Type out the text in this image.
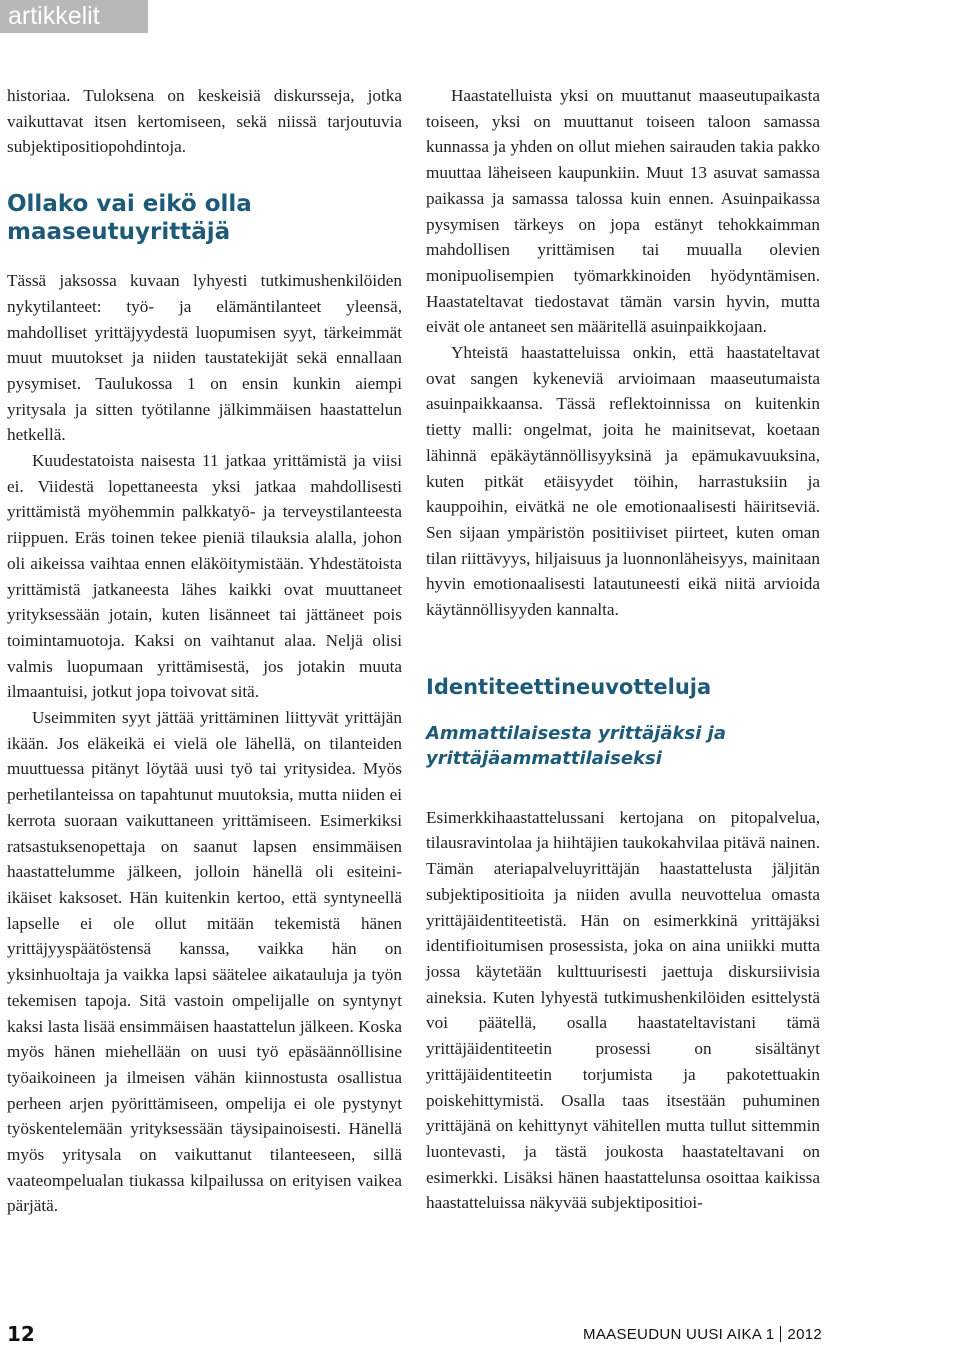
artikkelit

historiaa. Tuloksena on keskeisiä diskursseja, jotka vaikuttavat itsen kertomiseen, sekä niissä tarjoutuvia subjektipositiopohdintoja.

Ollako vai eikö olla maaseutuyrittäjä

Tässä jaksossa kuvaan lyhyesti tutkimushenkilöiden nykytilanteet: työ- ja elämäntilanteet yleensä, mahdolliset yrittäjyydestä luopumisen syyt, tärkeimmät muut muutokset ja niiden taustatekijät sekä ennallaan pysymiset. Taulukossa 1 on ensin kunkin aiempi yritysala ja sitten työtilanne jälkimmäisen haastattelun hetkellä.

Kuudestatoista naisesta 11 jatkaa yrittämistä ja viisi ei. Viidestä lopettaneesta yksi jatkaa mahdollisesti yrittämistä myöhemmin palkkatyö- ja terveystilanteesta riippuen. Eräs toinen tekee pieniä tilauksia alalla, johon oli aikeissa vaihtaa ennen eläköitymistään. Yhdestätoista yrittämistä jatkaneesta lähes kaikki ovat muuttaneet yrityksessään jotain, kuten lisänneet tai jättäneet pois toimintamuotoja. Kaksi on vaihtanut alaa. Neljä olisi valmis luopumaan yrittämisestä, jos jotakin muuta ilmaantuisi, jotkut jopa toivovat sitä.

Useimmiten syyt jättää yrittäminen liittyvät yrittäjän ikään. Jos eläkeikä ei vielä ole lähellä, on tilanteiden muuttuessa pitänyt löytää uusi työ tai yritysidea. Myös perhetilanteissa on tapahtunut muutoksia, mutta niiden ei kerrota suoraan vaikuttaneen yrittämiseen. Esimerkiksi ratsastuksenopettaja on saanut lapsen ensimmäisen haastattelumme jälkeen, jolloin hänellä oli esiteini-ikäiset kaksoset. Hän kuitenkin kertoo, että syntyneellä lapselle ei ole ollut mitään tekemistä hänen yrittäjyyspäätöstensä kanssa, vaikka hän on yksinhuoltaja ja vaikka lapsi säätelee aikatauluja ja työn tekemisen tapoja. Sitä vastoin ompelijalle on syntynyt kaksi lasta lisää ensimmäisen haastattelun jälkeen. Koska myös hänen miehellään on uusi työ epäsäännöllisine työaikoineen ja ilmeisen vähän kiinnostusta osallistua perheen arjen pyörittämiseen, ompelija ei ole pystynyt työskentelemään yrityksessään täysipainoisesti. Hänellä myös yritysala on vaikuttanut tilanteeseen, sillä vaateompelualan tiukassa kilpailussa on erityisen vaikea pärjätä.

Haastatelluista yksi on muuttanut maaseutupaikasta toiseen, yksi on muuttanut toiseen taloon samassa kunnassa ja yhden on ollut miehen sairauden takia pakko muuttaa läheiseen kaupunkiin. Muut 13 asuvat samassa paikassa ja samassa talossa kuin ennen. Asuinpaikassa pysymisen tärkeys on jopa estänyt tehokkaimman mahdollisen yrittämisen tai muualla olevien monipuolisempien työmarkkinoiden hyödyntämisen. Haastateltavat tiedostavat tämän varsin hyvin, mutta eivät ole antaneet sen määritellä asuinpaikkojaan.

Yhteistä haastatteluissa onkin, että haastateltavat ovat sangen kykeneviä arvioimaan maaseutumaista asuinpaikkaansa. Tässä reflektoinnissa on kuitenkin tietty malli: ongelmat, joita he mainitsevat, koetaan lähinnä epäkäytännöllisyyksinä ja epämukavuuksina, kuten pitkät etäisyydet töihin, harrastuksiin ja kauppoihin, eivätkä ne ole emotionaalisesti häiritseviä. Sen sijaan ympäristön positiiviset piirteet, kuten oman tilan riittävyys, hiljaisuus ja luonnonläheisyys, mainitaan hyvin emotionaalisesti latautuneesti eikä niitä arvioida käytännöllisyyden kannalta.

Identiteettineuvotteluja
Ammattilaisesta yrittäjäksi ja yrittäjäammattilaiseksi

Esimerkkihaastattelussani kertojana on pitopalvelua, tilausravintolaa ja hiihtäjien taukokahvilaa pitävä nainen. Tämän ateriapalveluyrittäjän haastattelusta jäljitän subjektipositioita ja niiden avulla neuvottelua omasta yrittäjäidentiteetistä. Hän on esimerkkinä yrittäjäksi identifioitumisen prosessista, joka on aina uniikki mutta jossa käytetään kulttuurisesti jaettuja diskursiivisia aineksia. Kuten lyhyestä tutkimushenkilöiden esittelystä voi päätellä, osalla haastateltavistani tämä yrittäjäidentiteetin prosessi on sisältänyt yrittäjäidentiteetin torjumista ja pakotettuakin poiskehittymistä. Osalla taas itsestään puhuminen yrittäjänä on kehittynyt vähitellen mutta tullut sittemmin luontevasti, ja tästä joukosta haastateltavani on esimerkki. Lisäksi hänen haastattelunsa osoittaa kaikissa haastatteluissa näkyvää subjektipositioi-

12	MAASEUDUN UUSI AIKA 1 2012
